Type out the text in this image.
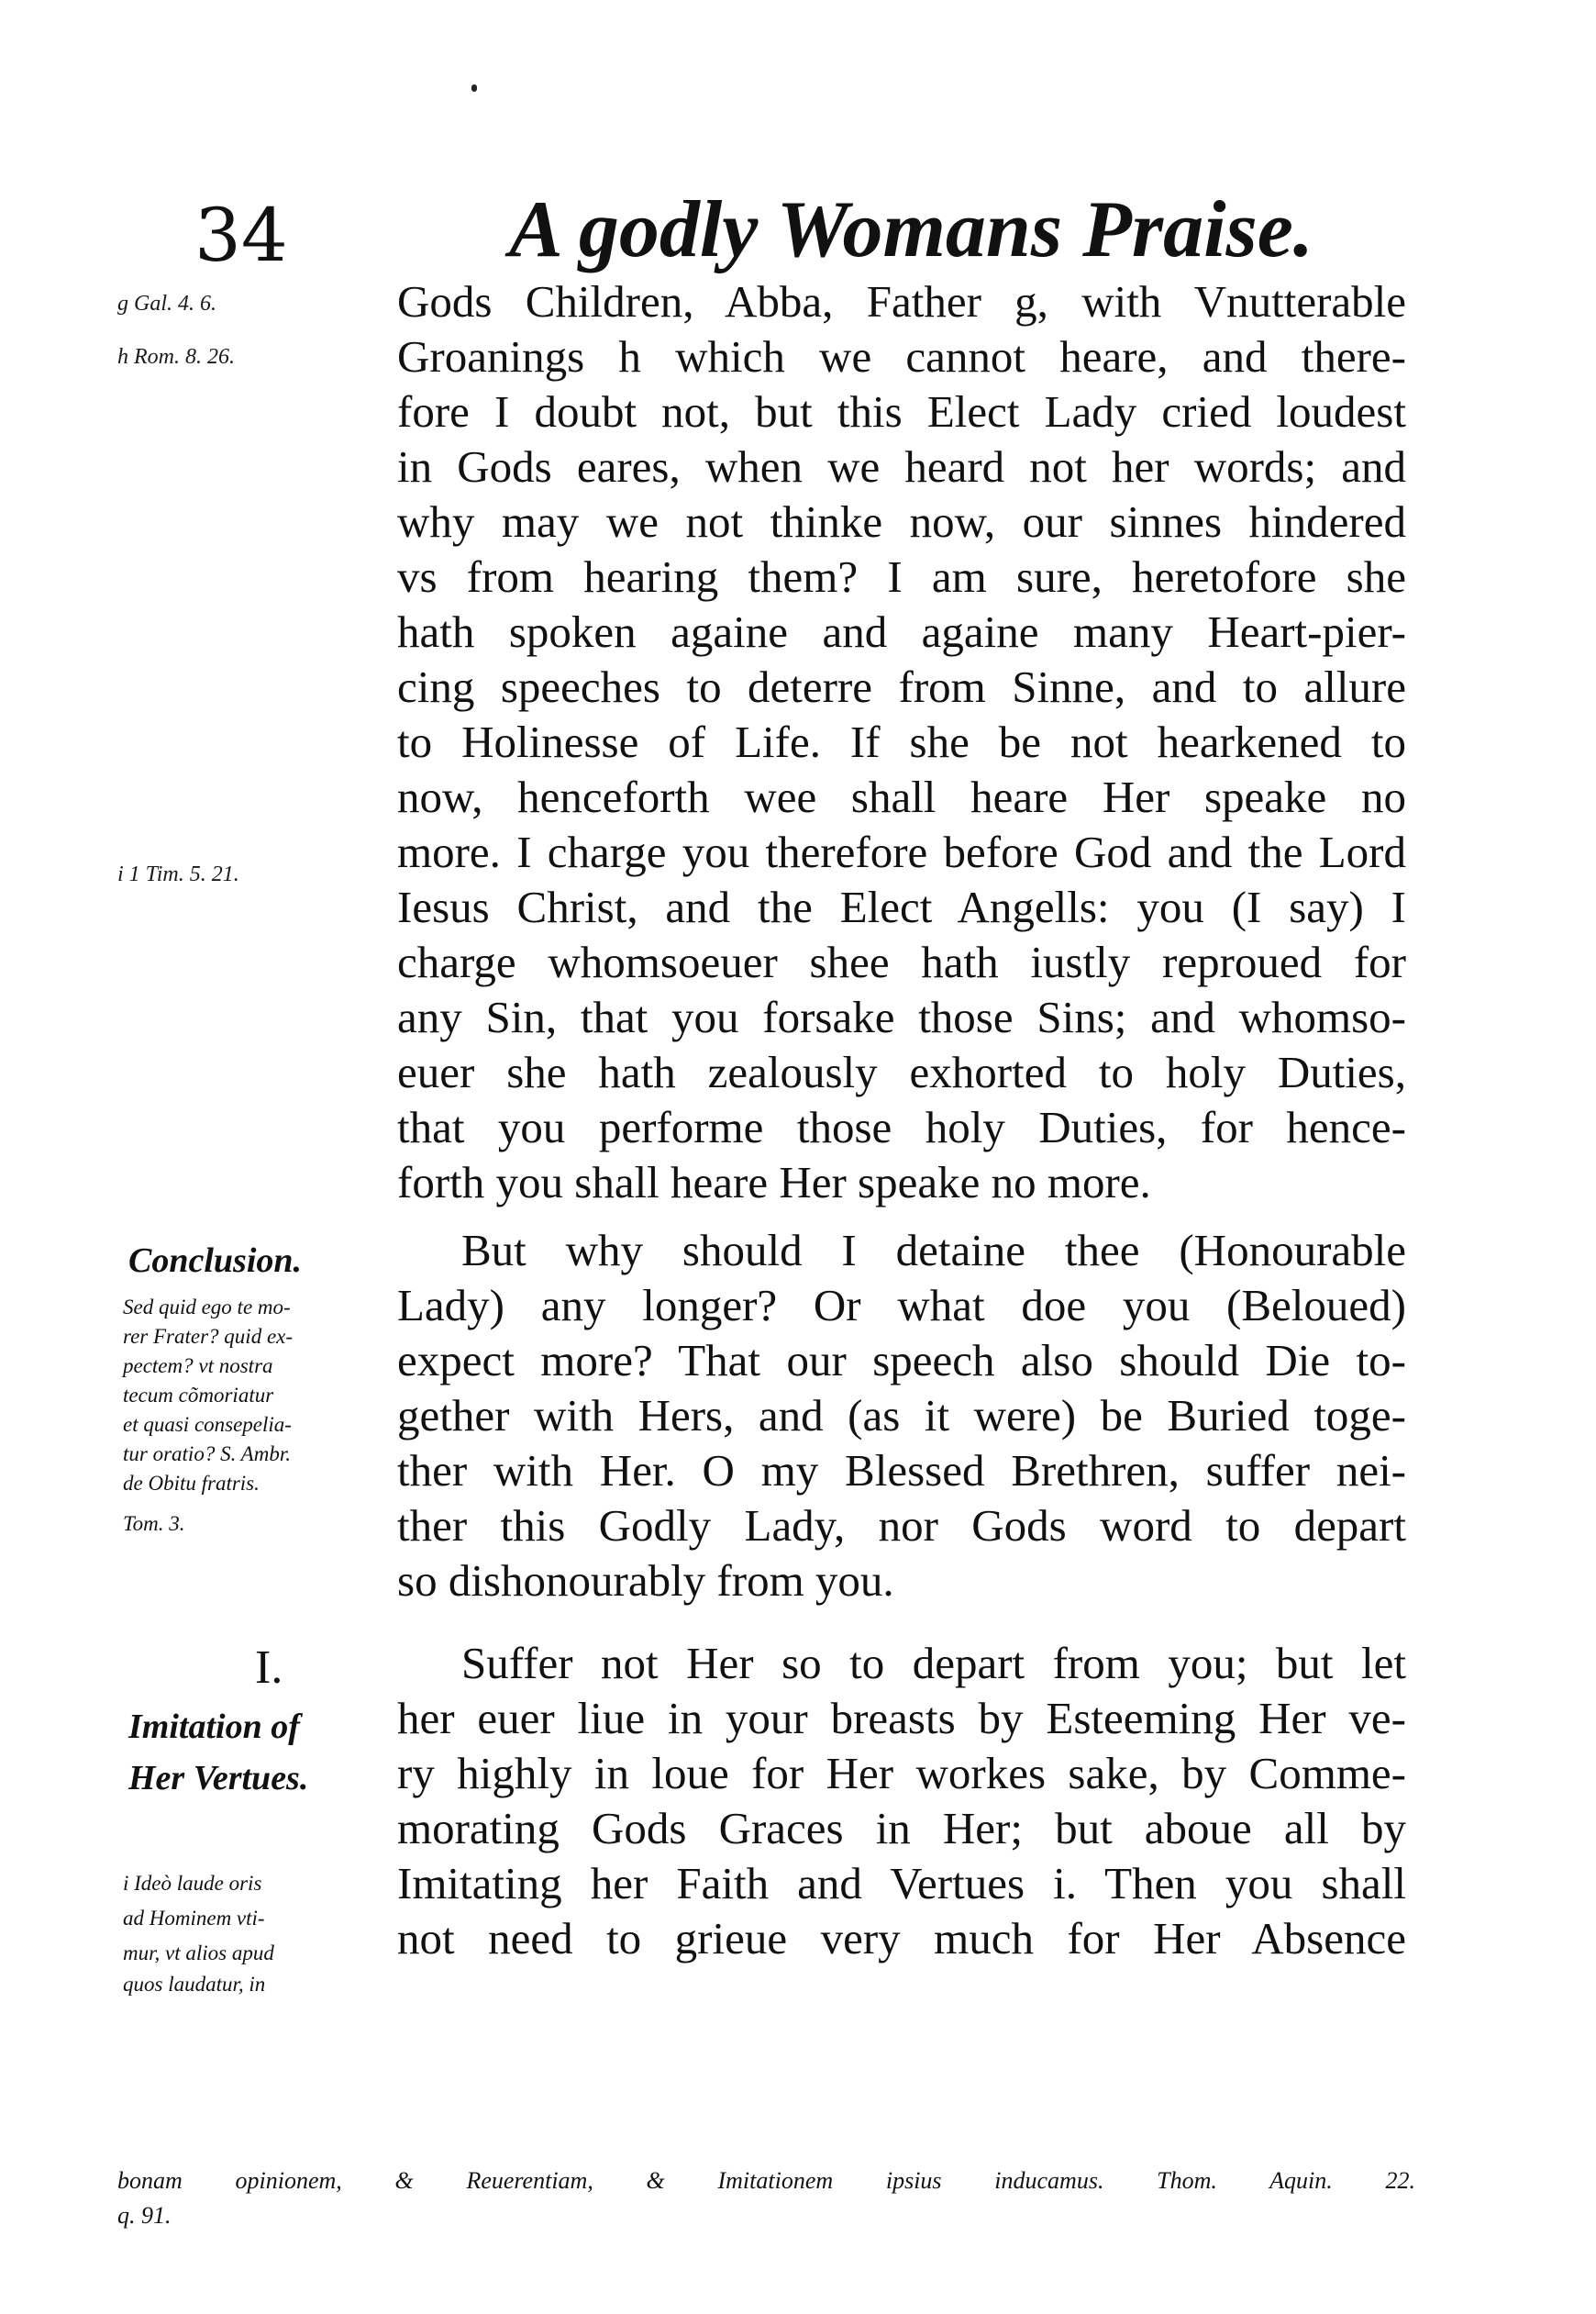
34	A godly Womans Praise.
g Gal. 4. 6.
h Rom. 8. 26.
i 1 Tim. 5. 21.
Conclusion.
Sed quid ego te mo-
rer Frater? quid ex-
pectem? vt nostra
tecum cõmoriatur
et quasi consepelia-
tur oratio? S. Ambr.
de Obitu fratris.
Tom. 3.
I.
Imitation of
Her Vertues.
i Ideò laude oris
ad Hominem vti-
mur, vt alios apud
quos laudatur, in
Gods Children, Abba, Father g, with Vnutterable
Groanings h which we cannot heare, and there-
fore I doubt not, but this Elect Lady cried loudest
in Gods eares, when we heard not her words; and
why may we not thinke now, our sinnes hindered
vs from hearing them? I am sure, heretofore she
hath spoken againe and againe many Heart-pier-
cing speeches to deterre from Sinne, and to allure
to Holinesse of Life. If she be not hearkened to
now, henceforth wee shall heare Her speake no
more. I charge you therefore before God and the Lord
Iesus Christ, and the Elect Angells: you (I say) I
charge whomsoeuer shee hath iustly reproued for
any Sin, that you forsake those Sins; and whomso-
euer she hath zealously exhorted to holy Duties,
that you performe those holy Duties, for hence-
forth you shall heare Her speake no more.
But why should I detaine thee (Honourable
Lady) any longer? Or what doe you (Beloued)
expect more? That our speech also should Die to-
gether with Hers, and (as it were) be Buried toge-
ther with Her. O my Blessed Brethren, suffer nei-
ther this Godly Lady, nor Gods word to depart
so dishonourably from you.
Suffer not Her so to depart from you; but let
her euer liue in your breasts by Esteeming Her ve-
ry highly in loue for Her workes sake, by Comme-
morating Gods Graces in Her; but aboue all by
Imitating her Faith and Vertues i. Then you shall
not need to grieue very much for Her Absence
bonam opinionem, & Reuerentiam, & Imitationem ipsius inducamus. Thom. Aquin. 22.
q. 91.
